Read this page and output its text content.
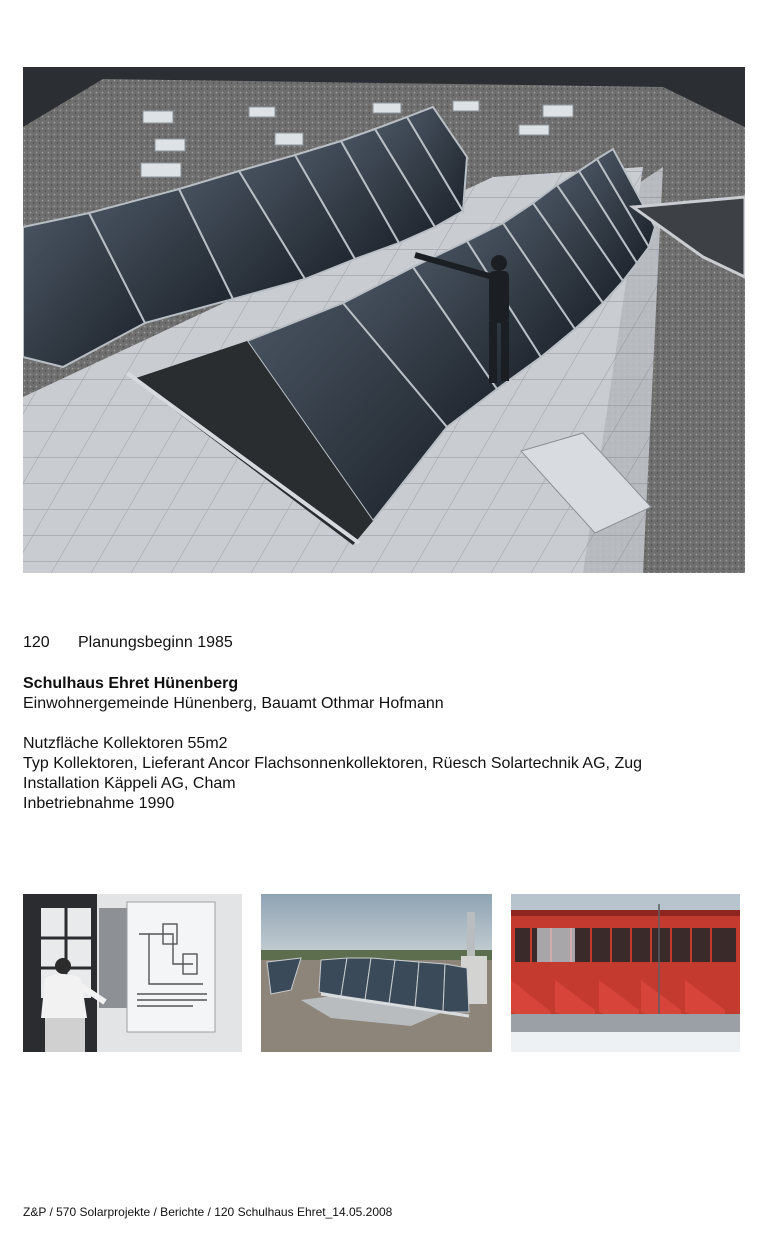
120 Planungsbeginn 1985
Schulhaus Ehret Hünenberg
Einwohnergemeinde Hünenberg, Bauamt Othmar Hofmann
Nutzfläche Kollektoren 55m2
Typ Kollektoren, Lieferant Ancor Flachsonnenkollektoren, Rüesch Solartechnik AG, Zug
Installation Käppeli AG, Cham
Inbetriebnahme 1990
Z&P / 570 Solarprojekte / Berichte / 120 Schulhaus Ehret_14.05.2008
